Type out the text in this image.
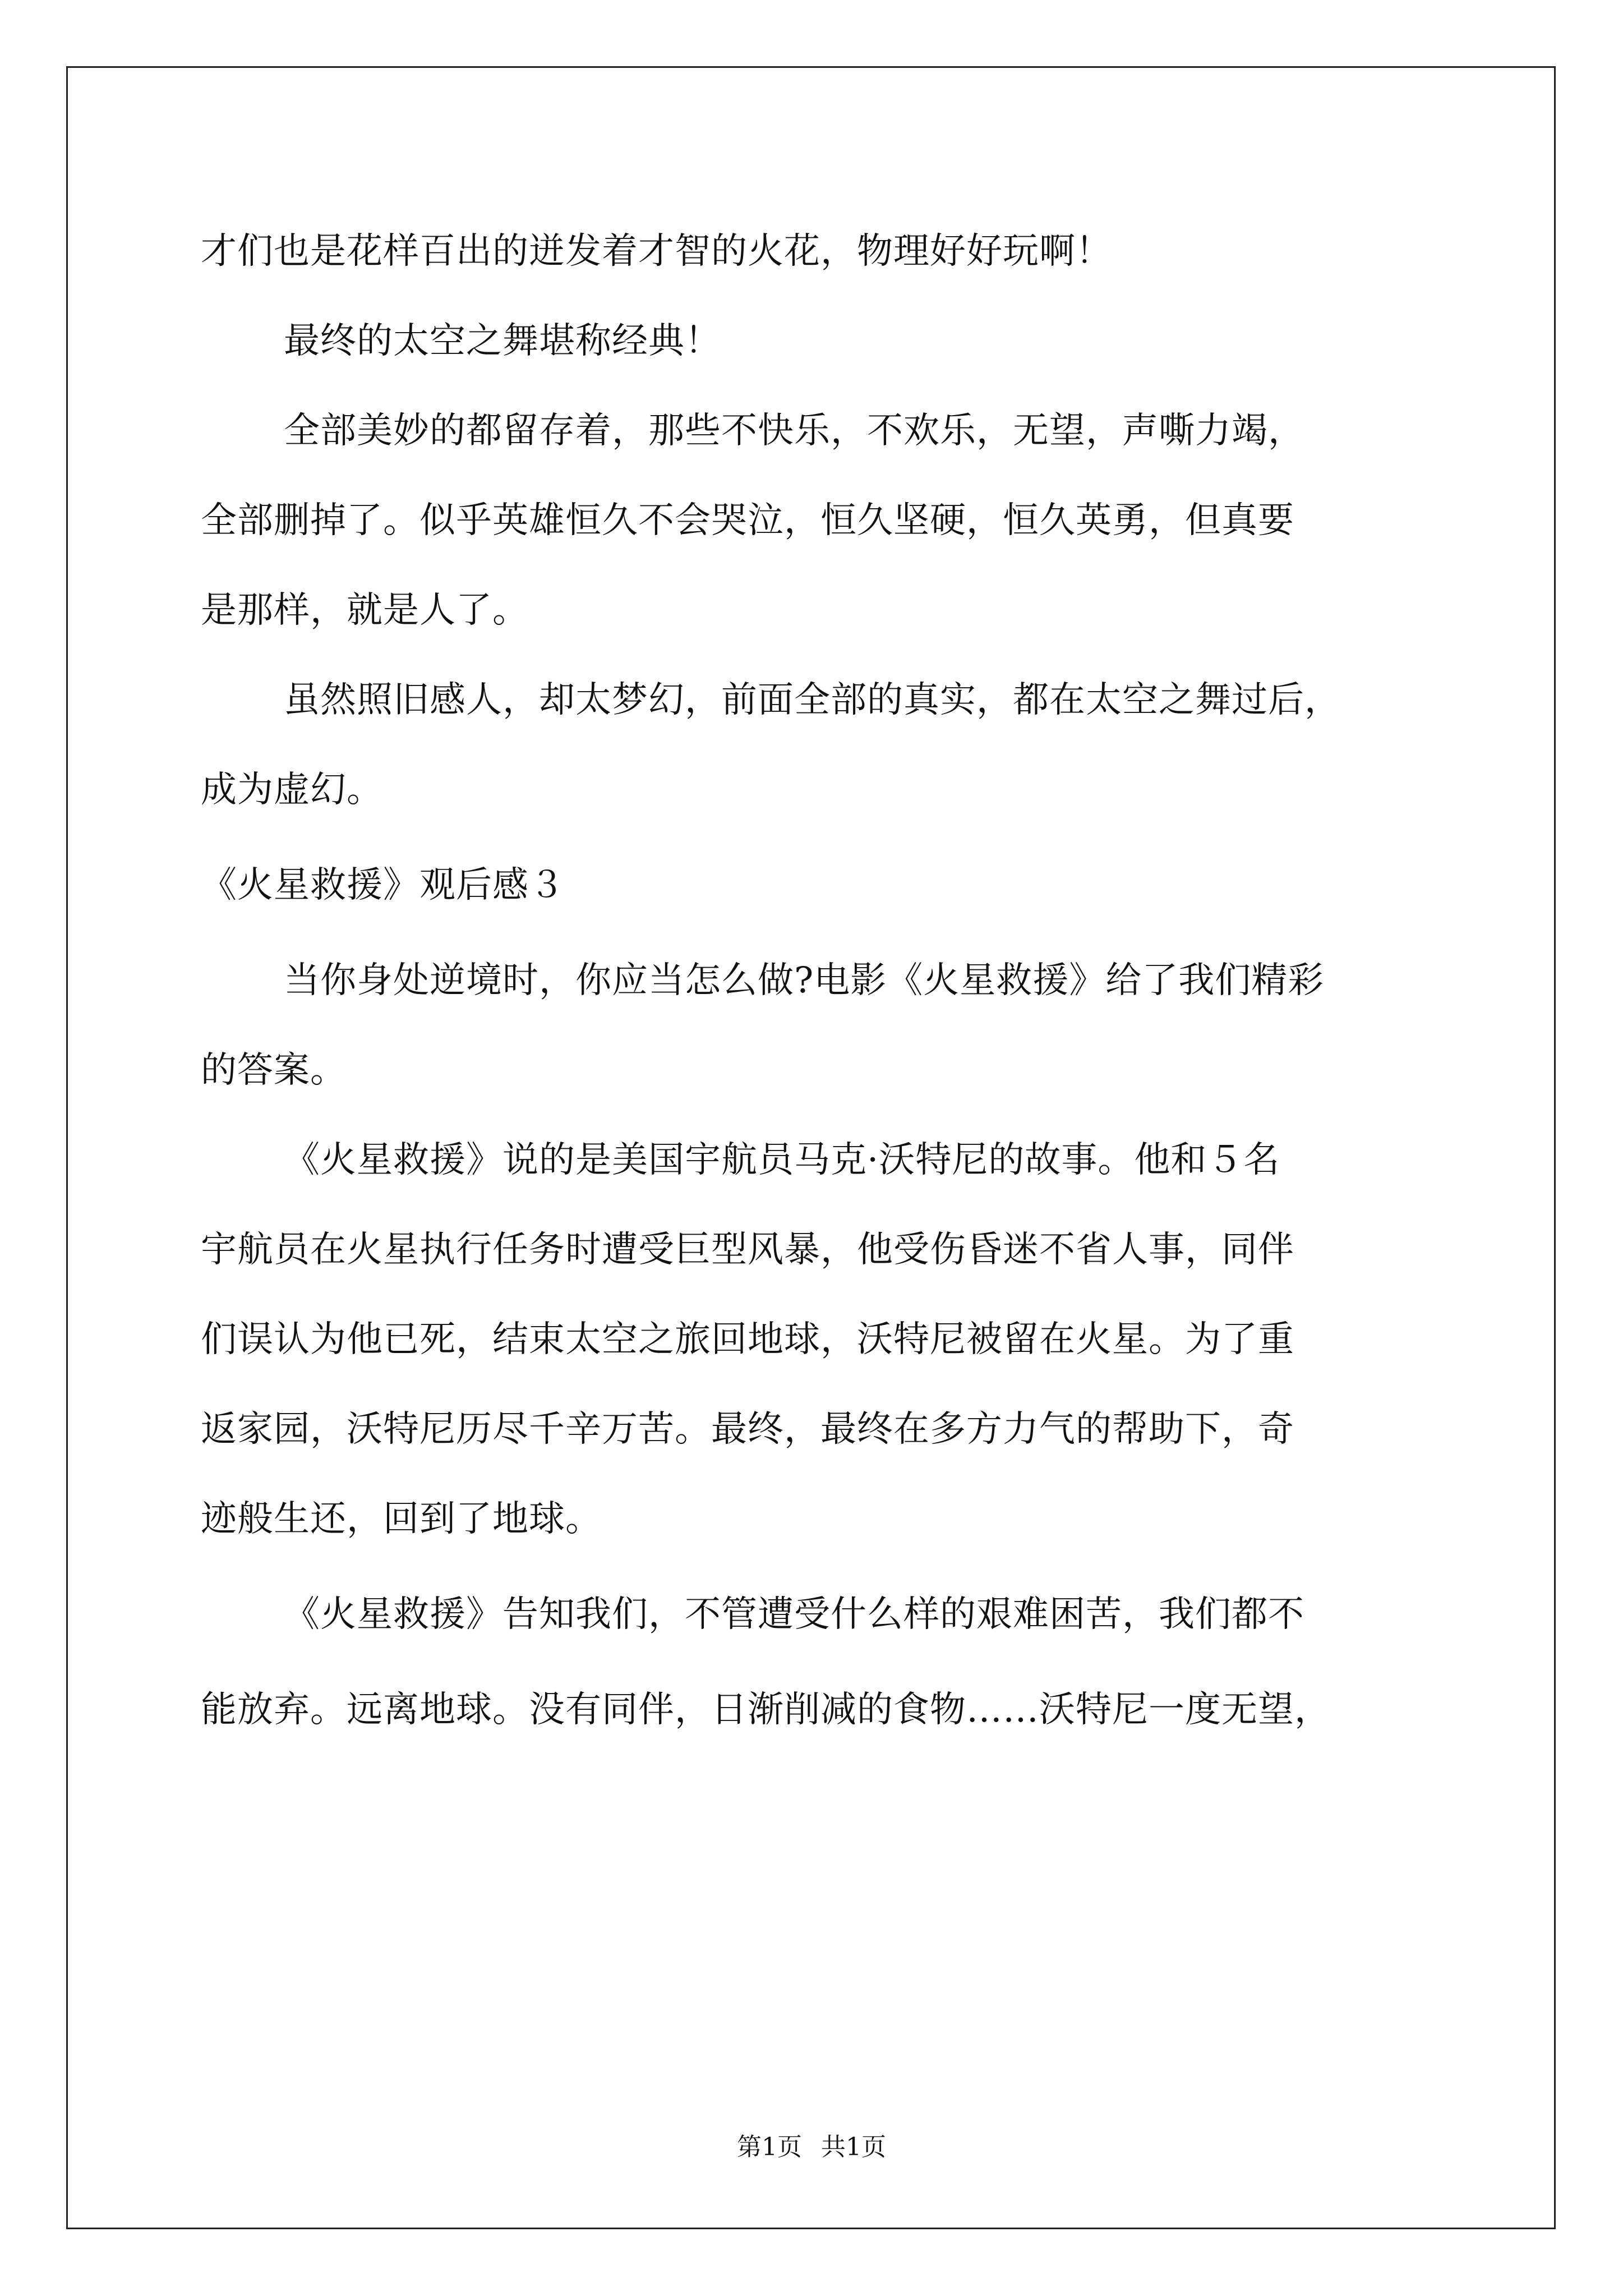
才们也是花样百出的迸发着才智的火花，物理好好玩啊！
最终的太空之舞堪称经典！
全部美妙的都留存着，那些不快乐，不欢乐，无望，声嘶力竭，
全部删掉了。似乎英雄恒久不会哭泣，恒久坚硬，恒久英勇，但真要
是那样，就是人了。
虽然照旧感人，却太梦幻，前面全部的真实，都在太空之舞过后，
成为虚幻。
《火星救援》观后感３
当你身处逆境时，你应当怎么做?电影《火星救援》给了我们精彩
的答案。
《火星救援》说的是美国宇航员马克·沃特尼的故事。他和５名
宇航员在火星执行任务时遭受巨型风暴，他受伤昏迷不省人事，同伴
们误认为他已死，结束太空之旅回地球，沃特尼被留在火星。为了重
返家园，沃特尼历尽千辛万苦。最终，最终在多方力气的帮助下，奇
迹般生还，回到了地球。
《火星救援》告知我们，不管遭受什么样的艰难困苦，我们都不
能放弃。远离地球。没有同伴，日渐削减的食物……沃特尼一度无望，
第1页 共1页
